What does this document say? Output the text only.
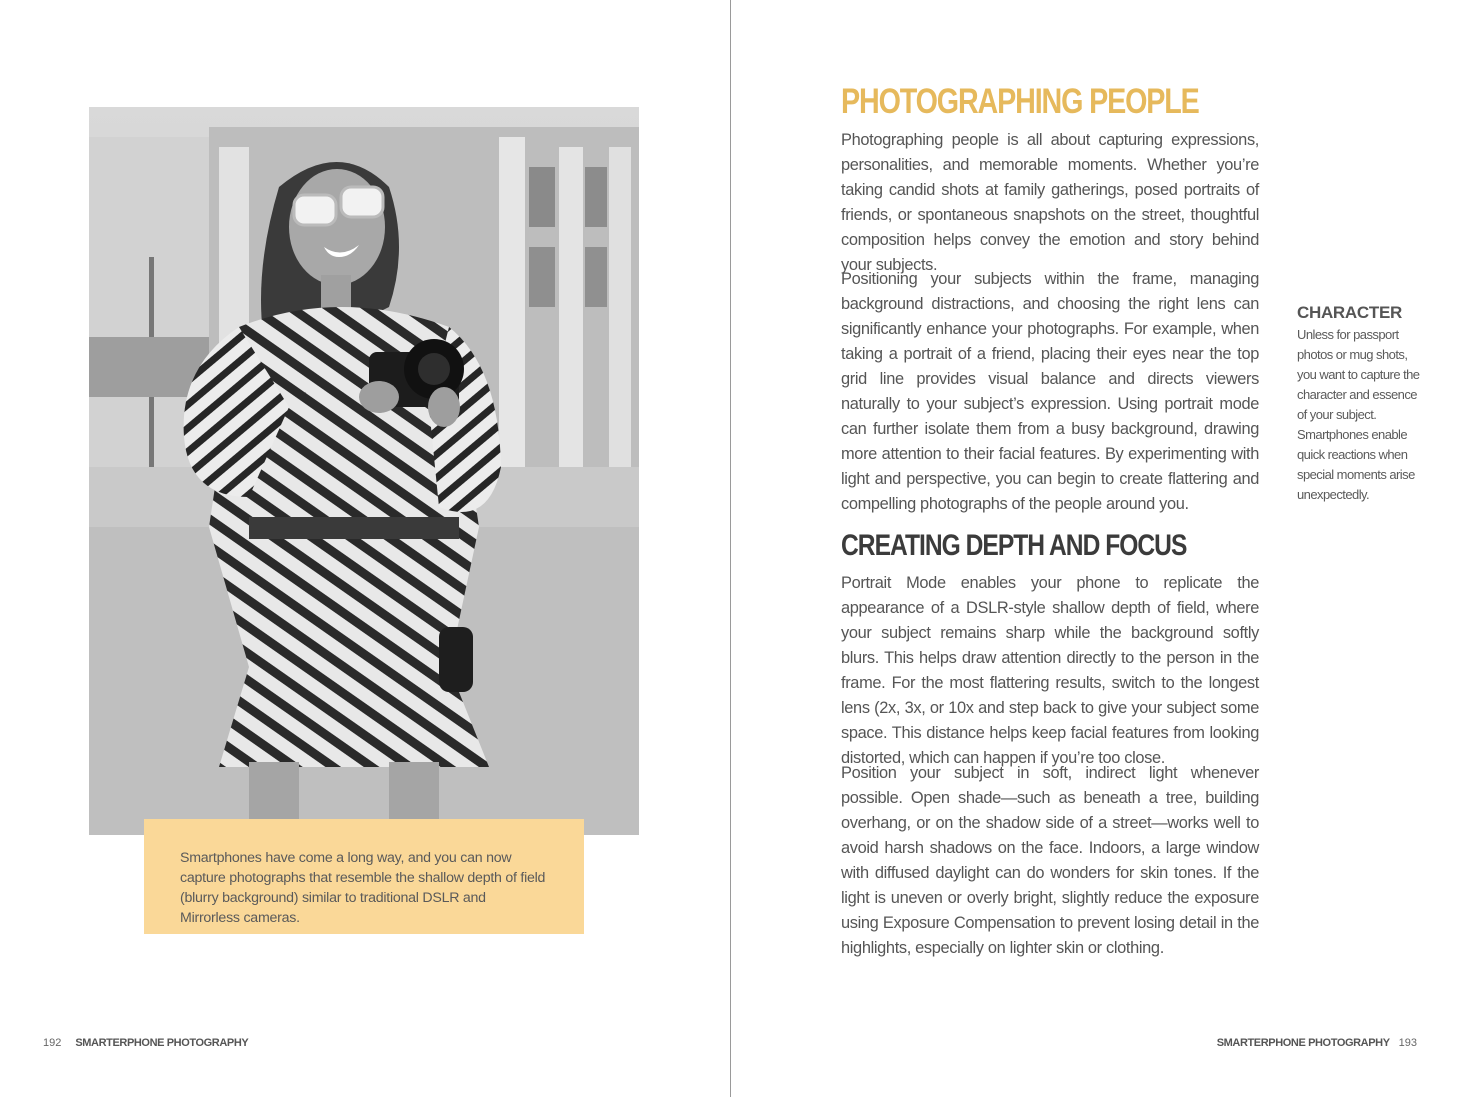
Smartphones have come a long way, and you can now capture photographs that resemble the shallow depth of field (blurry background) similar to traditional DSLR and Mirrorless cameras.

PHOTOGRAPHING PEOPLE

Photographing people is all about capturing expressions, personalities, and memorable moments. Whether you’re taking candid shots at family gatherings, posed portraits of friends, or spontaneous snapshots on the street, thoughtful composition helps convey the emotion and story behind your subjects.

Positioning your subjects within the frame, managing background distractions, and choosing the right lens can significantly enhance your photographs. For example, when taking a portrait of a friend, placing their eyes near the top grid line provides visual balance and directs viewers naturally to your subject’s expression. Using portrait mode can further isolate them from a busy background, drawing more attention to their facial features. By experimenting with light and perspective, you can begin to create flattering and compelling photographs of the people around you.

CREATING DEPTH AND FOCUS

Portrait Mode enables your phone to replicate the appearance of a DSLR-style shallow depth of field, where your subject remains sharp while the background softly blurs. This helps draw attention directly to the person in the frame. For the most flattering results, switch to the longest lens (2x, 3x, or 10x and step back to give your subject some space. This distance helps keep facial features from looking distorted, which can happen if you’re too close.

Position your subject in soft, indirect light whenever possible. Open shade—such as beneath a tree, building overhang, or on the shadow side of a street—works well to avoid harsh shadows on the face. Indoors, a large window with diffused daylight can do wonders for skin tones. If the light is uneven or overly bright, slightly reduce the exposure using Exposure Compensation to prevent losing detail in the highlights, especially on lighter skin or clothing.

CHARACTER

Unless for passport photos or mug shots, you want to capture the character and essence of your subject. Smartphones enable quick reactions when special moments arise unexpectedly.

192 SMARTERPHONE PHOTOGRAPHY	SMARTERPHONE PHOTOGRAPHY 193
